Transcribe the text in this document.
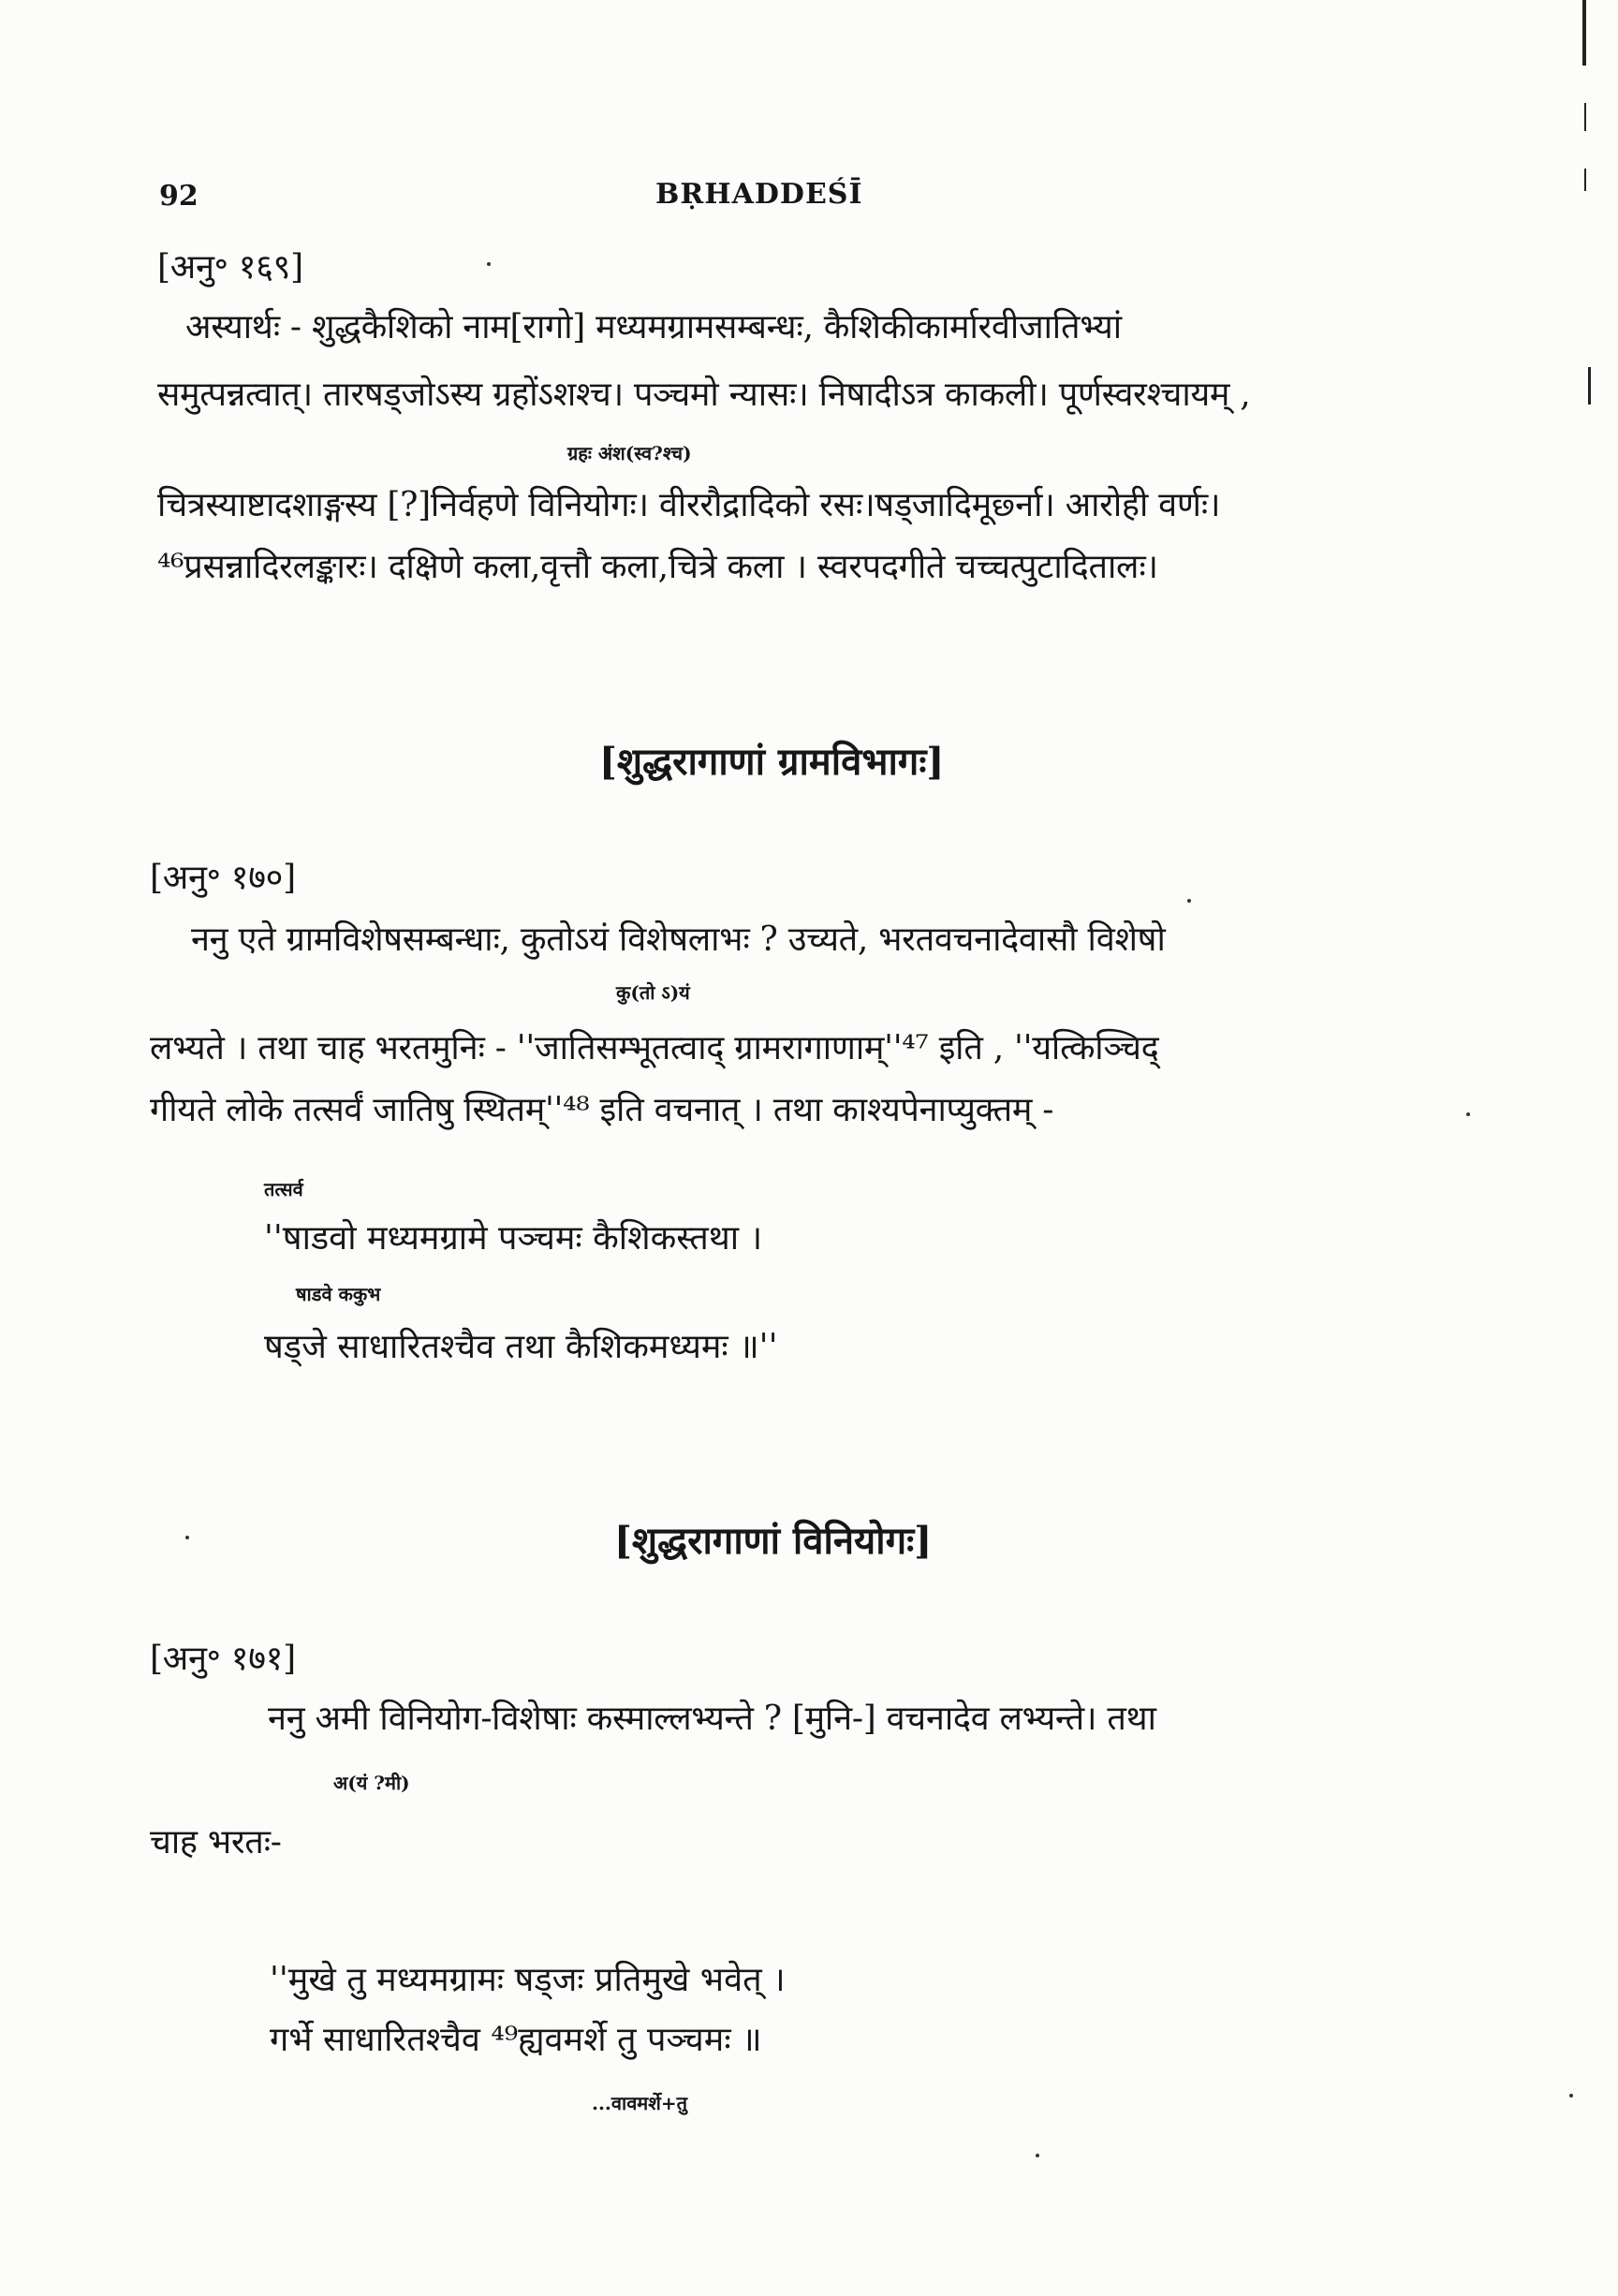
92	BṚHADDEŚĪ
[अनु॰ १६९]
अस्यार्थः - शुद्धकैशिको नाम[रागो] मध्यमग्रामसम्बन्धः, कैशिकीकार्मारवीजातिभ्यां
समुत्पन्नत्वात्। तारषड्जोऽस्य ग्रहोंऽशश्च। पञ्चमो न्यासः। निषादीऽत्र काकली। पूर्णस्वरश्चायम् ,
ग्रहः अंश(स्व?श्च)
चित्रस्याष्टादशाङ्गस्य [?]निर्वहणे विनियोगः। वीररौद्रादिको रसः।षड्जादिमूर्छ्ना। आरोही वर्णः।
⁴⁶प्रसन्नादिरलङ्कारः। दक्षिणे कला,वृत्तौ कला,चित्रे कला । स्वरपदगीते चच्चत्पुटादितालः।
[शुद्धरागाणां ग्रामविभागः]
[अनु॰ १७०]
ननु एते ग्रामविशेषसम्बन्धाः, कुतोऽयं विशेषलाभः ? उच्यते, भरतवचनादेवासौ विशेषो
कु(तो ऽ)यं
लभ्यते । तथा चाह भरतमुनिः - ''जातिसम्भूतत्वाद् ग्रामरागाणाम्''⁴⁷ इति , ''यत्किञ्चिद्
गीयते लोके तत्सर्वं जातिषु स्थितम्''⁴⁸ इति वचनात् । तथा काश्यपेनाप्युक्तम् -
तत्सर्व
''षाडवो मध्यमग्रामे पञ्चमः कैशिकस्तथा ।
षाडवे ककुभ
षड्जे साधारितश्चैव तथा कैशिकमध्यमः ॥''
[शुद्धरागाणां विनियोगः]
[अनु॰ १७१]
ननु अमी विनियोग-विशेषाः कस्माल्लभ्यन्ते ? [मुनि-] वचनादेव लभ्यन्ते। तथा
अ(यं ?मी)
चाह भरतः-
''मुखे तु मध्यमग्रामः षड्जः प्रतिमुखे भवेत् ।
गर्भे साधारितश्चैव ⁴⁹ह्यवमर्शे तु पञ्चमः ॥
...वावमर्शे+तु
